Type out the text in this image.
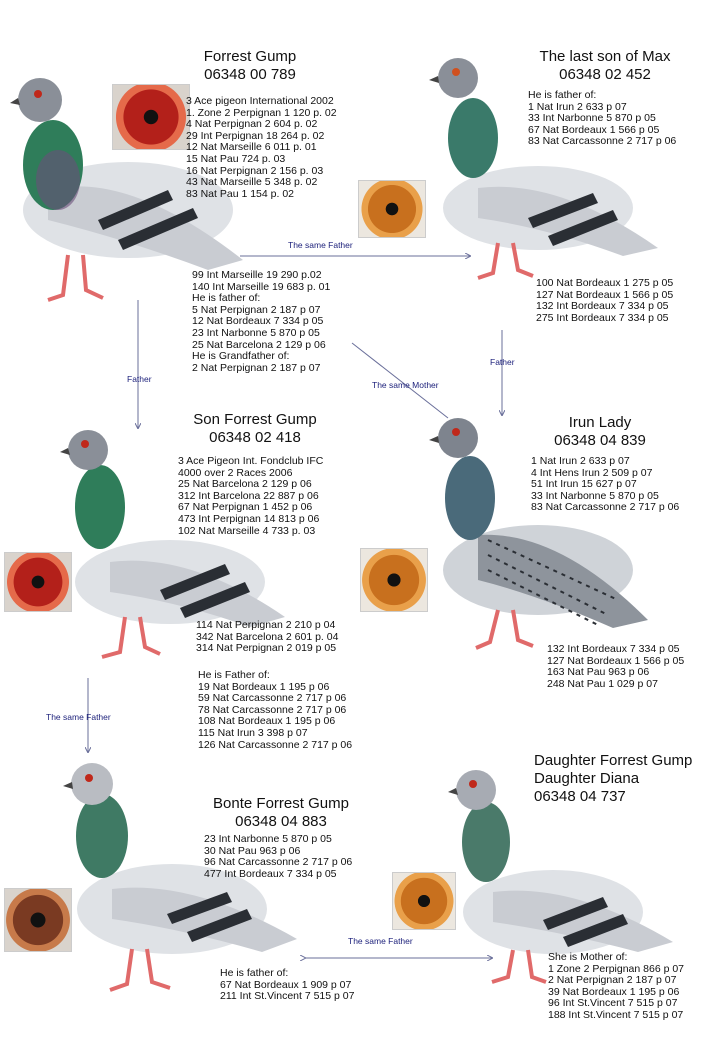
The same Father
Father
The same Mother
Father
The same Father
The same Father
Forrest Gump
06348 00 789
3 Ace pigeon International 2002
1. Zone 2 Perpignan 1 120 p. 02
4 Nat Perpignan 2 604 p. 02
29 Int Perpignan 18 264 p. 02
12 Nat Marseille 6 011 p. 01
15 Nat Pau 724 p. 03
16 Nat Perpignan 2 156 p. 03
43 Nat Marseille 5 348 p. 02
83 Nat Pau 1 154 p. 02
99 Int Marseille 19 290 p.02
140 Int Marseille 19 683 p. 01
He is father of:
5 Nat Perpignan 2 187 p 07
12 Nat Bordeaux 7 334 p 05
23 Int Narbonne 5 870 p 05
25 Nat Barcelona 2 129 p 06
He is Grandfather of:
2 Nat Perpignan 2 187 p 07
The last son of Max
06348 02 452
He is father of:
1 Nat Irun 2 633 p 07
33 Int Narbonne 5 870 p 05
67 Nat Bordeaux 1 566 p 05
83 Nat Carcassonne 2 717 p 06
100 Nat Bordeaux 1 275 p 05
127 Nat Bordeaux 1 566 p 05
132 Int Bordeaux 7 334 p 05
275 Int Bordeaux 7 334 p 05
Son Forrest Gump
06348 02 418
3 Ace Pigeon Int. Fondclub IFC
4000 over 2 Races 2006
25 Nat Barcelona 2 129 p 06
312 Int Barcelona 22 887 p 06
67 Nat Perpignan 1 452 p 06
473 Int Perpignan 14 813 p 06
102 Nat Marseille 4 733 p. 03
114 Nat Perpignan 2 210 p 04
342 Nat Barcelona 2 601 p. 04
314 Nat Perpignan 2 019 p 05
He is Father of:
19 Nat Bordeaux 1 195 p 06
59 Nat Carcassonne 2 717 p 06
78 Nat Carcassonne 2 717 p 06
108 Nat Bordeaux 1 195 p 06
115 Nat Irun 3 398 p 07
126 Nat Carcassonne 2 717 p 06
Irun Lady
06348 04 839
1 Nat Irun 2 633 p 07
4 Int Hens Irun 2 509 p 07
51 Int Irun 15 627 p 07
33 Int Narbonne 5 870 p 05
83 Nat Carcassonne 2 717 p 06
132 Int Bordeaux 7 334 p 05
127 Nat Bordeaux 1 566 p 05
163 Nat Pau 963 p 06
248 Nat Pau 1 029 p 07
Bonte Forrest Gump
06348 04 883
23 Int Narbonne 5 870 p 05
30 Nat Pau 963 p 06
96 Nat Carcassonne 2 717 p 06
477 Int Bordeaux 7 334 p 05
He is father of:
67 Nat Bordeaux 1 909 p 07
211 Int St.Vincent 7 515 p 07
Daughter Forrest Gump
Daughter Diana
06348 04 737
She is Mother of:
1 Zone 2 Perpignan 866 p 07
2 Nat Perpignan 2 187 p 07
39 Nat Bordeaux 1 195 p 06
96 Int St.Vincent 7 515 p 07
188 Int St.Vincent 7 515 p 07
